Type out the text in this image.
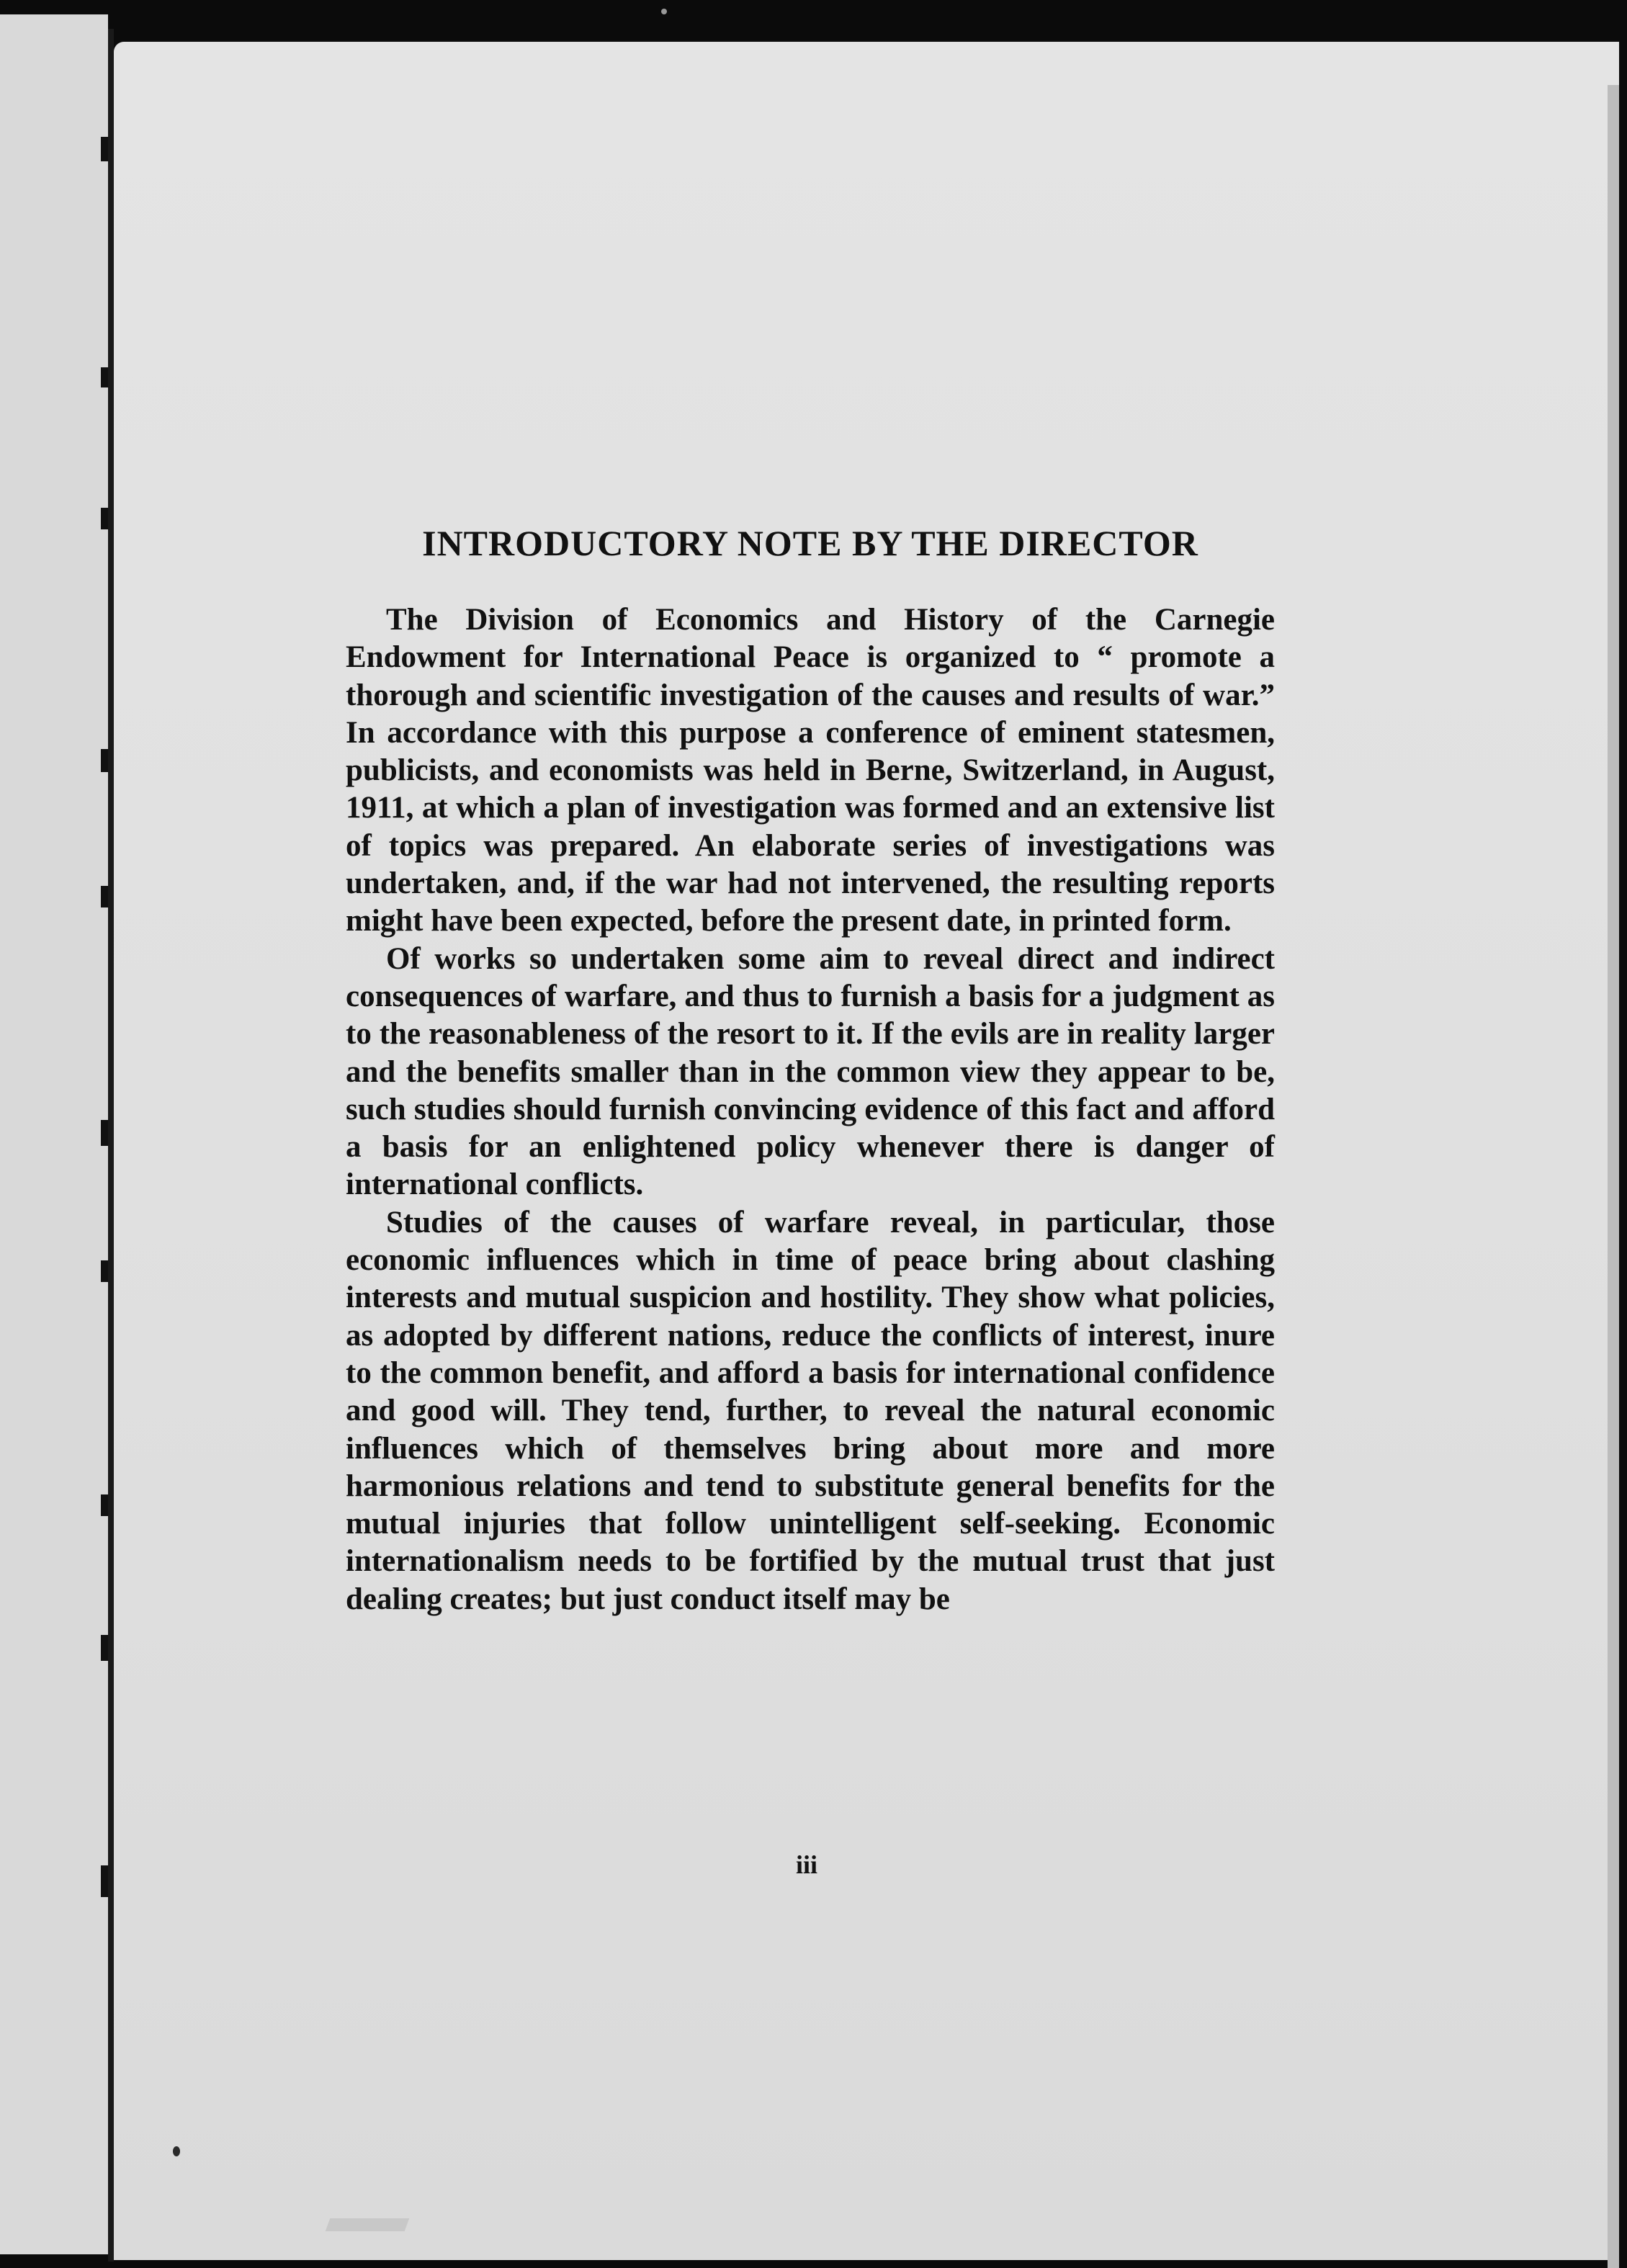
INTRODUCTORY NOTE BY THE DIRECTOR

The Division of Economics and History of the Carnegie Endowment for International Peace is organized to “ promote a thorough and scientific investigation of the causes and results of war.” In accordance with this purpose a conference of eminent statesmen, publicists, and economists was held in Berne, Switzerland, in August, 1911, at which a plan of investigation was formed and an extensive list of topics was prepared. An elaborate series of investigations was undertaken, and, if the war had not intervened, the resulting reports might have been expected, before the present date, in printed form.

Of works so undertaken some aim to reveal direct and indirect consequences of warfare, and thus to furnish a basis for a judgment as to the reasonableness of the resort to it. If the evils are in reality larger and the benefits smaller than in the common view they appear to be, such studies should furnish convincing evidence of this fact and afford a basis for an enlightened policy whenever there is danger of international conflicts.

Studies of the causes of warfare reveal, in particular, those economic influences which in time of peace bring about clashing interests and mutual suspicion and hostility. They show what policies, as adopted by different nations, reduce the conflicts of interest, inure to the common benefit, and afford a basis for international confidence and good will. They tend, further, to reveal the natural economic influences which of themselves bring about more and more harmonious relations and tend to substitute general benefits for the mutual injuries that follow unintelligent self-seeking. Economic internationalism needs to be fortified by the mutual trust that just dealing creates; but just conduct itself may be

iii
